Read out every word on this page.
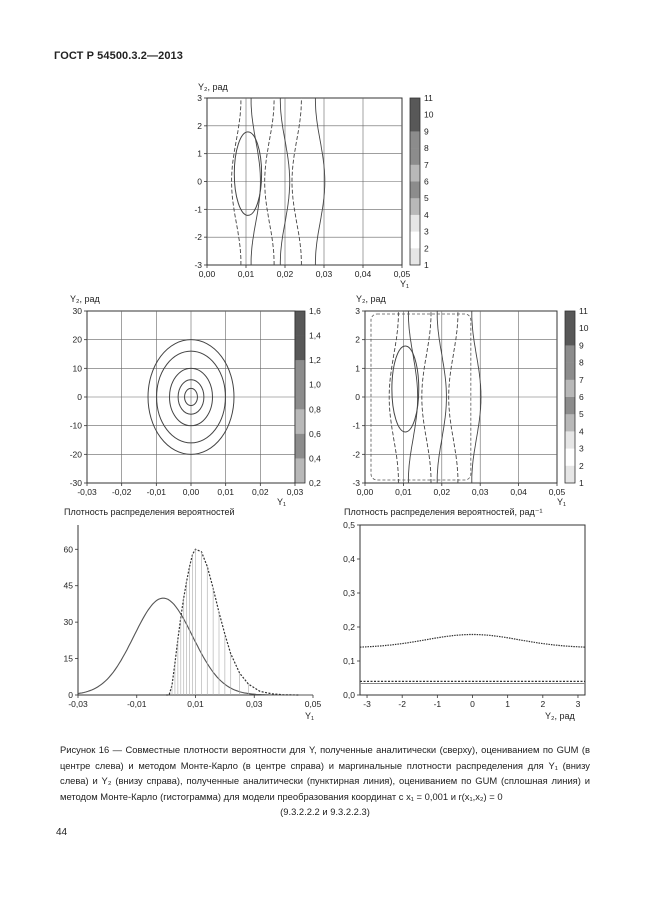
ГОСТ Р 54500.3.2—2013
0,00	0,01	0,02	0,03	0,04	0,05
3
2
1
0
-1
-2
-3
11
10
9
8
7
6
5
4
3
2
1
Y₂, рад
Y₁
-0,03 -0,02 -0,01 0,00 0,01 0,02 0,03
30
20
10
0
-10
-20
-30
1,6
1,4
1,2
1,0
0,8
0,6
0,4
0,2
Y₂, рад
Y₁
0,00	0,01	0,02	0,03	0,04	0,05
3
2
1
0
-1
-2
-3
11
10
9
8
7
6
5
4
3
2
1
Y₂, рад
Y₁
-0,03	-0,01	0,01	0,03	0,05
60
45
30
15
0
Плотность распределения вероятностей
Y₁
-3	-2	-1	0	1	2	3
0,5
0,4
0,3
0,2
0,1
0,0
Плотность распределения вероятностей, рад⁻¹
Y₂, рад
Рисунок 16 — Совместные плотности вероятности для Y, полученные аналитически (сверху), оцениванием по GUM (в центре слева) и методом Монте-Карло (в центре справа) и маргинальные плотности распределения для Y₁ (внизу слева) и Y₂ (внизу справа), полученные аналитически (пунктирная линия), оцениванием по GUM (сплошная линия) и методом Монте-Карло (гистограмма) для модели преобразования координат с x₁ = 0,001 и r(x₁,x₂) = 0
(9.3.2.2.2 и 9.3.2.2.3)
44
